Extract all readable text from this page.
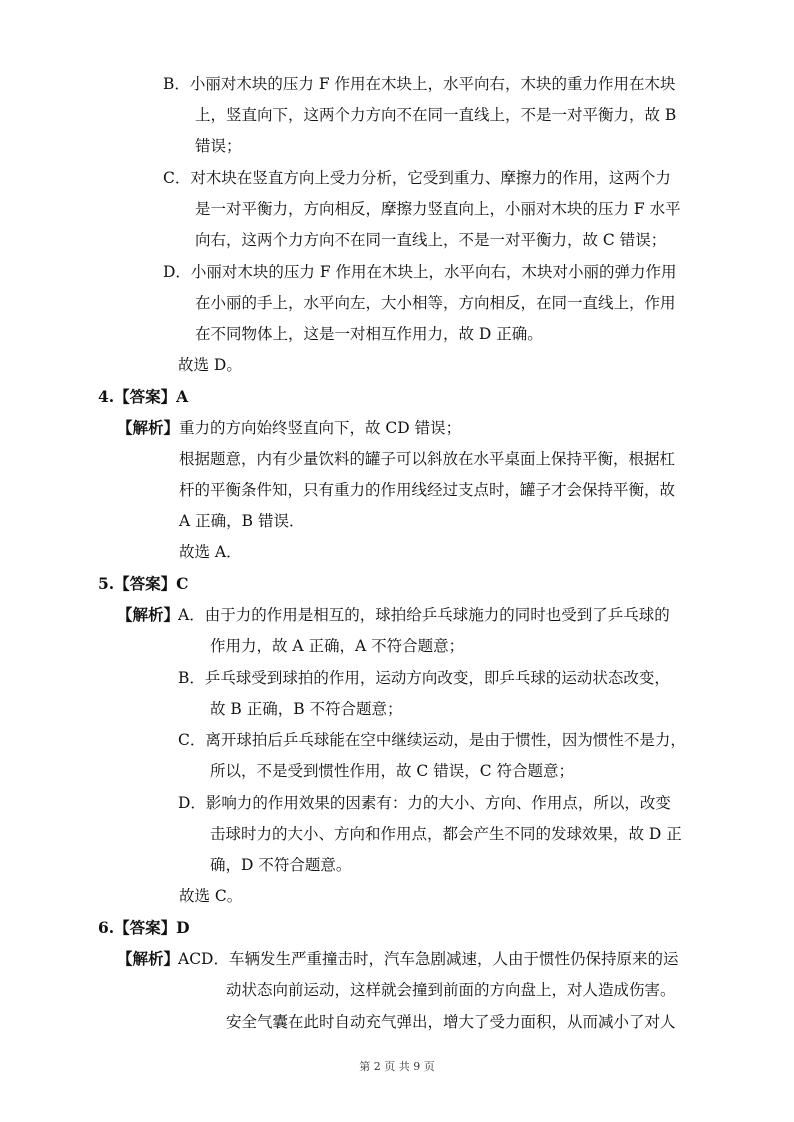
B．小丽对木块的压力 F 作用在木块上，水平向右，木块的重力作用在木块
上，竖直向下，这两个力方向不在同一直线上，不是一对平衡力，故 B
错误；
C．对木块在竖直方向上受力分析，它受到重力、摩擦力的作用，这两个力
是一对平衡力，方向相反，摩擦力竖直向上，小丽对木块的压力 F 水平
向右，这两个力方向不在同一直线上，不是一对平衡力，故 C 错误；
D．小丽对木块的压力 F 作用在木块上，水平向右，木块对小丽的弹力作用
在小丽的手上，水平向左，大小相等，方向相反，在同一直线上，作用
在不同物体上，这是一对相互作用力，故 D 正确。
故选 D。
4.【答案】A
【解析】 重力的方向始终竖直向下，故 CD 错误；
根据题意，内有少量饮料的罐子可以斜放在水平桌面上保持平衡，根据杠
杆的平衡条件知，只有重力的作用线经过支点时，罐子才会保持平衡，故
A 正确，B 错误．
故选 A．
5.【答案】C
【解析】
A．由于力的作用是相互的，球拍给乒乓球施力的同时也受到了乒乓球的
作用力，故 A 正确，A 不符合题意；
B．乒乓球受到球拍的作用，运动方向改变，即乒乓球的运动状态改变，
故 B 正确，B 不符合题意；
C．离开球拍后乒乓球能在空中继续运动，是由于惯性，因为惯性不是力，
所以，不是受到惯性作用，故 C 错误，C 符合题意；
D．影响力的作用效果的因素有：力的大小、方向、作用点，所以，改变
击球时力的大小、方向和作用点，都会产生不同的发球效果，故 D 正
确，D 不符合题意。
故选 C。
6.【答案】D
【解析】
ACD．车辆发生严重撞击时，汽车急剧减速，人由于惯性仍保持原来的运
动状态向前运动，这样就会撞到前面的方向盘上，对人造成伤害。
安全气囊在此时自动充气弹出，增大了受力面积，从而减小了对人
第 2 页 共 9 页
